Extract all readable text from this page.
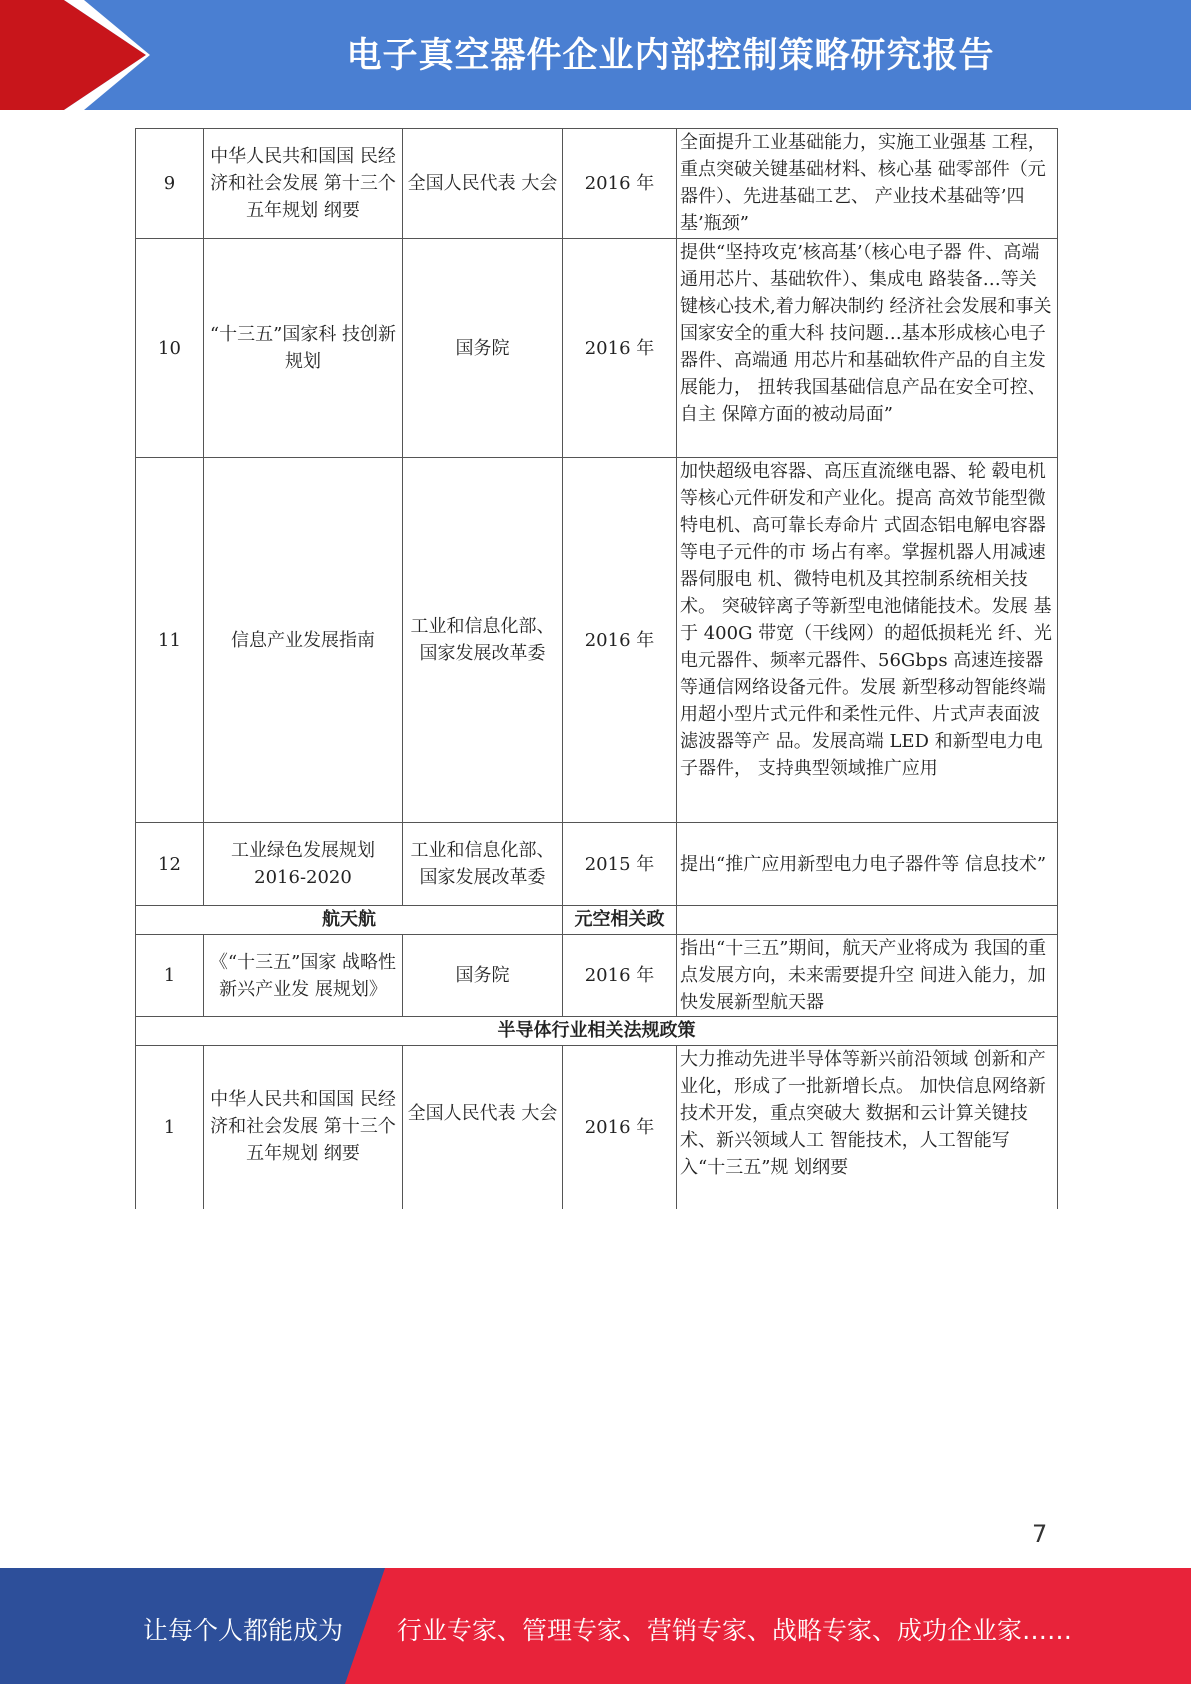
电子真空器件企业内部控制策略研究报告
9	中华人民共和国国 民经济和社会发展 第十三个五年规划 纲要	全国人民代表 大会	2016 年	全面提升工业基础能力，实施工业强基 工程，重点突破关键基础材料、核心基 础零部件（元器件）、先进基础工艺、 产业技术基础等’四基’瓶颈”
10	“十三五”国家科 技创新规划	国务院	2016 年	提供“坚持攻克’核高基’（核心电子器 件、高端通用芯片、基础软件）、集成电 路装备…等关键核心技术,着力解决制约 经济社会发展和事关国家安全的重大科 技问题…基本形成核心电子器件、高端通 用芯片和基础软件产品的自主发展能力， 扭转我国基础信息产品在安全可控、自主 保障方面的被动局面”
11	信息产业发展指南	工业和信息化部、国家发展改革委	2016 年	加快超级电容器、高压直流继电器、轮 毂电机等核心元件研发和产业化。提高 高效节能型微特电机、高可靠长寿命片 式固态铝电解电容器等电子元件的市 场占有率。掌握机器人用减速器伺服电 机、微特电机及其控制系统相关技术。 突破锌离子等新型电池储能技术。发展 基于 400G 带宽（干线网）的超低损耗光 纤、光电元器件、频率元器件、56Gbps 高速连接器等通信网络设备元件。发展 新型移动智能终端用超小型片式元件和柔性元件、片式声表面波滤波器等产 品。发展高端 LED 和新型电力电子器件， 支持典型领域推广应用
12	工业绿色发展规划 2016-2020	工业和信息化部、国家发展改革委	2015 年	提出“推广应用新型电力电子器件等 信息技术”
航天航			元空相关政	
1	《“十三五”国家 战略性新兴产业发 展规划》	国务院	2016 年	指出“十三五”期间，航天产业将成为 我国的重点发展方向，未来需要提升空 间进入能力，加快发展新型航天器
半导体行业相关法规政策				
1	中华人民共和国国 民经济和社会发展 第十三个五年规划 纲要	全国人民代表 大会	2016 年	大力推动先进半导体等新兴前沿领域 创新和产业化，形成了一批新增长点。 加快信息网络新技术开发，重点突破大 数据和云计算关键技术、新兴领域人工 智能技术，人工智能写入“十三五”规 划纲要
7
让每个人都能成为 行业专家、管理专家、营销专家、战略专家、成功企业家……
